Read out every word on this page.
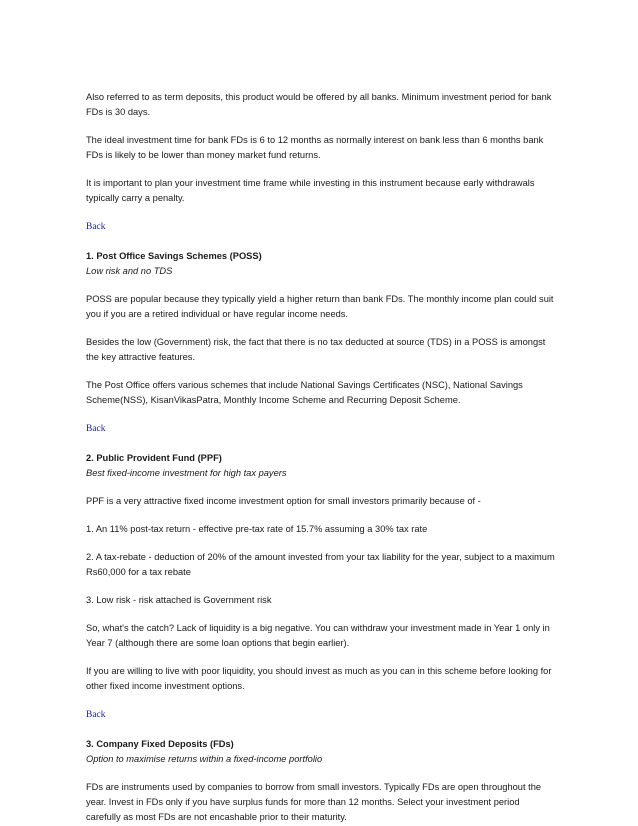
Also referred to as term deposits, this product would be offered by all banks. Minimum investment period for bank FDs is 30 days.

The ideal investment time for bank FDs is 6 to 12 months as normally interest on bank less than 6 months bank FDs is likely to be lower than money market fund returns.

It is important to plan your investment time frame while investing in this instrument because early withdrawals typically carry a penalty.

Back
1. Post Office Savings Schemes (POSS)
Low risk and no TDS

POSS are popular because they typically yield a higher return than bank FDs. The monthly income plan could suit you if you are a retired individual or have regular income needs.

Besides the low (Government) risk, the fact that there is no tax deducted at source (TDS) in a POSS is amongst the key attractive features.

The Post Office offers various schemes that include National Savings Certificates (NSC), National Savings Scheme(NSS), KisanVikasPatra, Monthly Income Scheme and Recurring Deposit Scheme.

Back
2. Public Provident Fund (PPF)
Best fixed-income investment for high tax payers

PPF is a very attractive fixed income investment option for small investors primarily because of -

1. An 11% post-tax return - effective pre-tax rate of 15.7% assuming a 30% tax rate

2. A tax-rebate - deduction of 20% of the amount invested from your tax liability for the year, subject to a maximum Rs60,000 for a tax rebate

3. Low risk - risk attached is Government risk

So, what's the catch? Lack of liquidity is a big negative. You can withdraw your investment made in Year 1 only in Year 7 (although there are some loan options that begin earlier).

If you are willing to live with poor liquidity, you should invest as much as you can in this scheme before looking for other fixed income investment options.

Back
3. Company Fixed Deposits (FDs)
Option to maximise returns within a fixed-income portfolio

FDs are instruments used by companies to borrow from small investors. Typically FDs are open throughout the year. Invest in FDs only if you have surplus funds for more than 12 months. Select your investment period carefully as most FDs are not encashable prior to their maturity.
